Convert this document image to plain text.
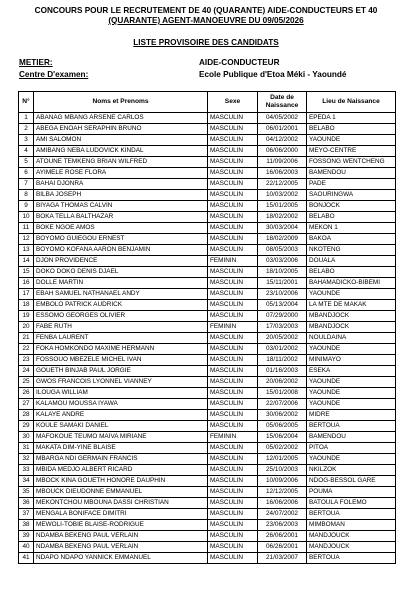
CONCOURS POUR LE RECRUTEMENT DE 40 (QUARANTE) AIDE-CONDUCTEURS ET 40
(QUARANTE) AGENT-MANOEUVRE DU 09/05/2026
LISTE PROVISOIRE DES CANDIDATS
METIER:	AIDE-CONDUCTEUR
Centre D'examen:	Ecole Publique d'Etoa Méki - Yaoundé
N°	Noms et Prenoms	Sexe	Date de Naissance	Lieu de Naissance
1	ABANAG MBANG ARSENE CARLOS	MASCULIN	04/05/2002	EPEDA 1
2	ABEGA ENOAH SERAPHIN BRUNO	MASCULIN	06/01/2001	BELABO
3	AMI SALOMON	MASCULIN	04/12/2002	YAOUNDE
4	AMIBANG NEBA LUDOVICK KINDAL	MASCULIN	06/06/2000	MEYO-CENTRE
5	ATOUNE TEMKENG BRIAN WILFRED	MASCULIN	11/09/2006	FOSSONG WENTCHENG
6	AYIMELE ROSE FLORA	MASCULIN	16/06/2003	BAMENDOU
7	BAHAI DJONRA	MASCULIN	22/12/2005	PADE
8	BILBA JOSEPH	MASCULIN	10/03/2002	SAOURINGWA
9	BIYAGA THOMAS CALVIN	MASCULIN	15/01/2005	BONJOCK
10	BOKA TELLA BALTHAZAR	MASCULIN	18/02/2002	BELABO
11	BOKE NGOE AMOS	MASCULIN	30/03/2004	MEKON 1
12	BOYOMO GUIEGOU ERNEST	MASCULIN	18/02/2009	BAKOA
13	BOYOMO KOFANA AARON BENJAMIN	MASCULIN	08/05/2003	NKOTENG
14	DJON PROVIDENCE	FEMININ	03/03/2006	DOUALA
15	DOKO DOKO DENIS DJAEL	MASCULIN	18/10/2005	BELABO
16	DOLLE MARTIN	MASCULIN	15/11/2001	BAHAMADICKO-BIBEMI
17	EBAH SAMUEL NATHANAEL ANDY	MASCULIN	23/10/2006	YAOUNDE
18	EMBOLO PATRICK AUDRICK	MASCULIN	05/13/2004	LA MTE DE MAKAK
19	ESSOMO GEORGES OLIVIER	MASCULIN	07/29/2000	MBANDJOCK
20	FABE RUTH	FEMININ	17/03/2003	MBANDJOCK
21	FENBA LAURENT	MASCULIN	20/05/2002	NOULDAINA
22	FOKA HOMKONDO MAXIME HERMANN	MASCULIN	03/01/2002	YAOUNDE
23	FOSSOUO MBEZELE MICHEL IVAN	MASCULIN	18/11/2002	MINIMAYO
24	GOUETH BINJAB PAUL JORGIE	MASCULIN	01/16/2003	ESEKA
25	GWOS FRANCOIS LYONNEL VIANNEY	MASCULIN	20/06/2002	YAOUNDE
26	ILOUGA WILLIAM	MASCULIN	15/01/2008	YAOUNDE
27	KALAMOU MOUSSA IYAWA	MASCULIN	22/07/2006	YAOUNDE
28	KALAYE ANDRE	MASCULIN	30/06/2002	MIDRE
29	KOULE SAMAKI DANIEL	MASCULIN	05/06/2005	BERTOUA
30	MAFOKOUE TEUMO MAIVA MIRIANE	FEMININ	15/06/2004	BAMENDOU
31	MAKATA DIM-YINE BLAISE	MASCULIN	05/02/2002	PITOA
32	MBARGA NDI GERMAIN FRANCIS	MASCULIN	12/01/2005	YAOUNDE
33	MBIDA MEDJO ALBERT RICARD	MASCULIN	25/10/2003	NKILZOK
34	MBOCK KINA GOUETH HONORE DAUPHIN	MASCULIN	10/09/2006	NDOG-BESSOL GARE
35	MBOUCK DIEUDONNE EMMANUEL	MASCULIN	12/12/2005	POUMA
36	MEKONTCHOU MBOUNA DASSI CHRISTIAN	MASCULIN	16/06/2006	BATOULA FOLEMO
37	MENGALA BONIFACE DIMITRI	MASCULIN	24/07/2002	BERTOUA
38	MEWOLI-TOBIE BLAISE-RODRIGUE	MASCULIN	23/06/2003	MIMBOMAN
39	NDAMBA BEKENG PAUL VERLAIN	MASCULIN	26/06/2001	MANDJOUCK
40	NDAMBA BEKENG PAUL VERLAIN	MASCULIN	06/26/2001	MANDJOUCK
41	NDAPO NDAPO YANNICK EMMANUEL	MASCULIN	21/03/2007	BERTOUA
